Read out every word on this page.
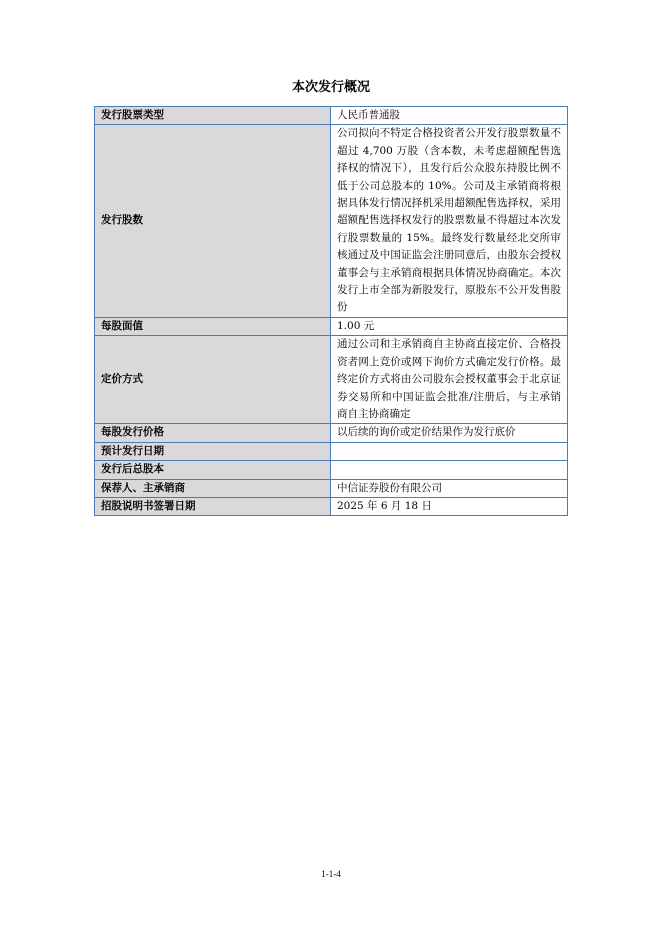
本次发行概况
发行股票类型	人民币普通股
发行股数	公司拟向不特定合格投资者公开发行股票数量不超过 4,700 万股（含本数，未考虑超额配售选择权的情况下），且发行后公众股东持股比例不低于公司总股本的 10%。公司及主承销商将根据具体发行情况择机采用超额配售选择权，采用超额配售选择权发行的股票数量不得超过本次发行股票数量的 15%。最终发行数量经北交所审核通过及中国证监会注册同意后，由股东会授权董事会与主承销商根据具体情况协商确定。本次发行上市全部为新股发行，原股东不公开发售股份
每股面值	1.00 元
定价方式	通过公司和主承销商自主协商直接定价、合格投资者网上竞价或网下询价方式确定发行价格。最终定价方式将由公司股东会授权董事会于北京证券交易所和中国证监会批准/注册后，与主承销商自主协商确定
每股发行价格	以后续的询价或定价结果作为发行底价
预计发行日期	
发行后总股本	
保荐人、主承销商	中信证券股份有限公司
招股说明书签署日期	2025 年 6 月 18 日
1-1-4
